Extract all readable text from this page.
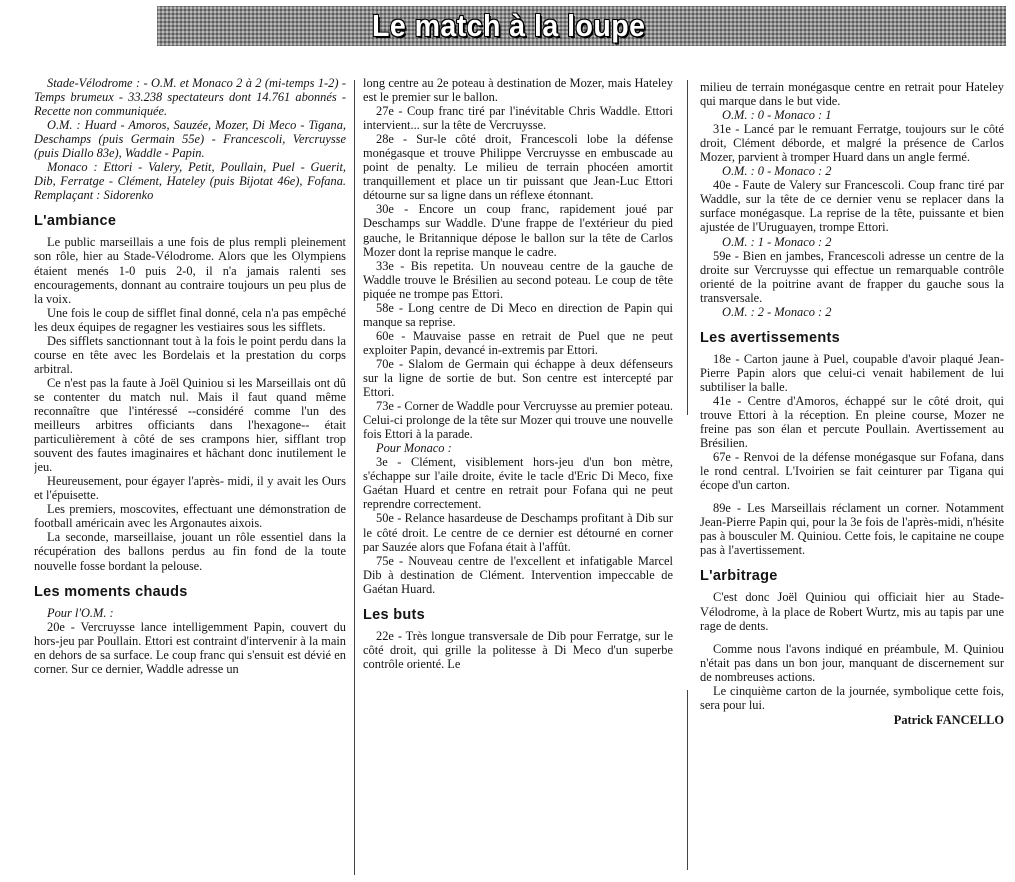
Le match à la loupe

Stade-Vélodrome : - O.M. et Monaco 2 à 2 (mi-temps 1-2) - Temps brumeux - 33.238 spectateurs dont 14.761 abonnés - Recette non communiquée.

O.M. : Huard - Amoros, Sauzée, Mozer, Di Meco - Tigana, Deschamps (puis Germain 55e) - Francescoli, Vercruysse (puis Diallo 83e), Waddle - Papin.

Monaco : Ettori - Valery, Petit, Poullain, Puel - Guerit, Dib, Ferratge - Clément, Hateley (puis Bijotat 46e), Fofana. Remplaçant : Sidorenko

L'ambiance

Le public marseillais a une fois de plus rempli pleinement son rôle, hier au Stade-Vélodrome. Alors que les Olympiens étaient menés 1-0 puis 2-0, il n'a jamais ralenti ses encouragements, donnant au contraire toujours un peu plus de la voix.

Une fois le coup de sifflet final donné, cela n'a pas empêché les deux équipes de regagner les vestiaires sous les sifflets.

Des sifflets sanctionnant tout à la fois le point perdu dans la course en tête avec les Bordelais et la prestation du corps arbitral.

Ce n'est pas la faute à Joël Quiniou si les Marseillais ont dû se contenter du match nul. Mais il faut quand même reconnaître que l'intéressé --considéré comme l'un des meilleurs arbitres officiants dans l'hexagone-- était particulièrement à côté de ses crampons hier, sifflant trop souvent des fautes imaginaires et hâchant donc inutilement le jeu.

Heureusement, pour égayer l'après- midi, il y avait les Ours et l'épuisette.

Les premiers, moscovites, effectuant une démonstration de football américain avec les Argonautes aixois.

La seconde, marseillaise, jouant un rôle essentiel dans la récupération des ballons perdus au fin fond de la toute nouvelle fosse bordant la pelouse.

Les moments chauds

Pour l'O.M. :

20e - Vercruysse lance intelligemment Papin, couvert du hors-jeu par Poullain. Ettori est contraint d'intervenir à la main en dehors de sa surface. Le coup franc qui s'ensuit est dévié en corner. Sur ce dernier, Waddle adresse un

long centre au 2e poteau à destination de Mozer, mais Hateley est le premier sur le ballon.

27e - Coup franc tiré par l'inévitable Chris Waddle. Ettori intervient... sur la tête de Vercruysse.

28e - Sur-le côté droit, Francescoli lobe la défense monégasque et trouve Philippe Vercruysse en embuscade au point de penalty. Le milieu de terrain phocéen amortit tranquillement et place un tir puissant que Jean-Luc Ettori détourne sur sa ligne dans un réflexe étonnant.

30e - Encore un coup franc, rapidement joué par Deschamps sur Waddle. D'une frappe de l'extérieur du pied gauche, le Britannique dépose le ballon sur la tête de Carlos Mozer dont la reprise manque le cadre.

33e - Bis repetita. Un nouveau centre de la gauche de Waddle trouve le Brésilien au second poteau. Le coup de tête piquée ne trompe pas Ettori.

58e - Long centre de Di Meco en direction de Papin qui manque sa reprise.

60e - Mauvaise passe en retrait de Puel que ne peut exploiter Papin, devancé in-extremis par Ettori.

70e - Slalom de Germain qui échappe à deux défenseurs sur la ligne de sortie de but. Son centre est intercepté par Ettori.

73e - Corner de Waddle pour Vercruysse au premier poteau. Celui-ci prolonge de la tête sur Mozer qui trouve une nouvelle fois Ettori à la parade.

Pour Monaco :

3e - Clément, visiblement hors-jeu d'un bon mètre, s'échappe sur l'aile droite, évite le tacle d'Eric Di Meco, fixe Gaétan Huard et centre en retrait pour Fofana qui ne peut reprendre correctement.

50e - Relance hasardeuse de Deschamps profitant à Dib sur le côté droit. Le centre de ce dernier est détourné en corner par Sauzée alors que Fofana était à l'affût.

75e - Nouveau centre de l'excellent et infatigable Marcel Dib à destination de Clément. Intervention impeccable de Gaétan Huard.

Les buts

22e - Très longue transversale de Dib pour Ferratge, sur le côté droit, qui grille la politesse à Di Meco d'un superbe contrôle orienté. Le

milieu de terrain monégasque centre en retrait pour Hateley qui marque dans le but vide.

O.M. : 0 - Monaco : 1

31e - Lancé par le remuant Ferratge, toujours sur le côté droit, Clément déborde, et malgré la présence de Carlos Mozer, parvient à tromper Huard dans un angle fermé.

O.M. : 0 - Monaco : 2

40e - Faute de Valery sur Francescoli. Coup franc tiré par Waddle, sur la tête de ce dernier venu se replacer dans la surface monégasque. La reprise de la tête, puissante et bien ajustée de l'Uruguayen, trompe Ettori.

O.M. : 1 - Monaco : 2

59e - Bien en jambes, Francescoli adresse un centre de la droite sur Vercruysse qui effectue un remarquable contrôle orienté de la poitrine avant de frapper du gauche sous la transversale.

O.M. : 2 - Monaco : 2

Les avertissements

18e - Carton jaune à Puel, coupable d'avoir plaqué Jean-Pierre Papin alors que celui-ci venait habilement de lui subtiliser la balle.

41e - Centre d'Amoros, échappé sur le côté droit, qui trouve Ettori à la réception. En pleine course, Mozer ne freine pas son élan et percute Poullain. Avertissement au Brésilien.

67e - Renvoi de la défense monégasque sur Fofana, dans le rond central. L'Ivoirien se fait ceinturer par Tigana qui écope d'un carton.

89e - Les Marseillais réclament un corner. Notamment Jean-Pierre Papin qui, pour la 3e fois de l'après-midi, n'hésite pas à bousculer M. Quiniou. Cette fois, le capitaine ne coupe pas à l'avertissement.

L'arbitrage

C'est donc Joël Quiniou qui officiait hier au Stade-Vélodrome, à la place de Robert Wurtz, mis au tapis par une rage de dents.

Comme nous l'avons indiqué en préambule, M. Quiniou n'était pas dans un bon jour, manquant de discernement sur de nombreuses actions.

Le cinquième carton de la journée, symbolique cette fois, sera pour lui.

Patrick FANCELLO
